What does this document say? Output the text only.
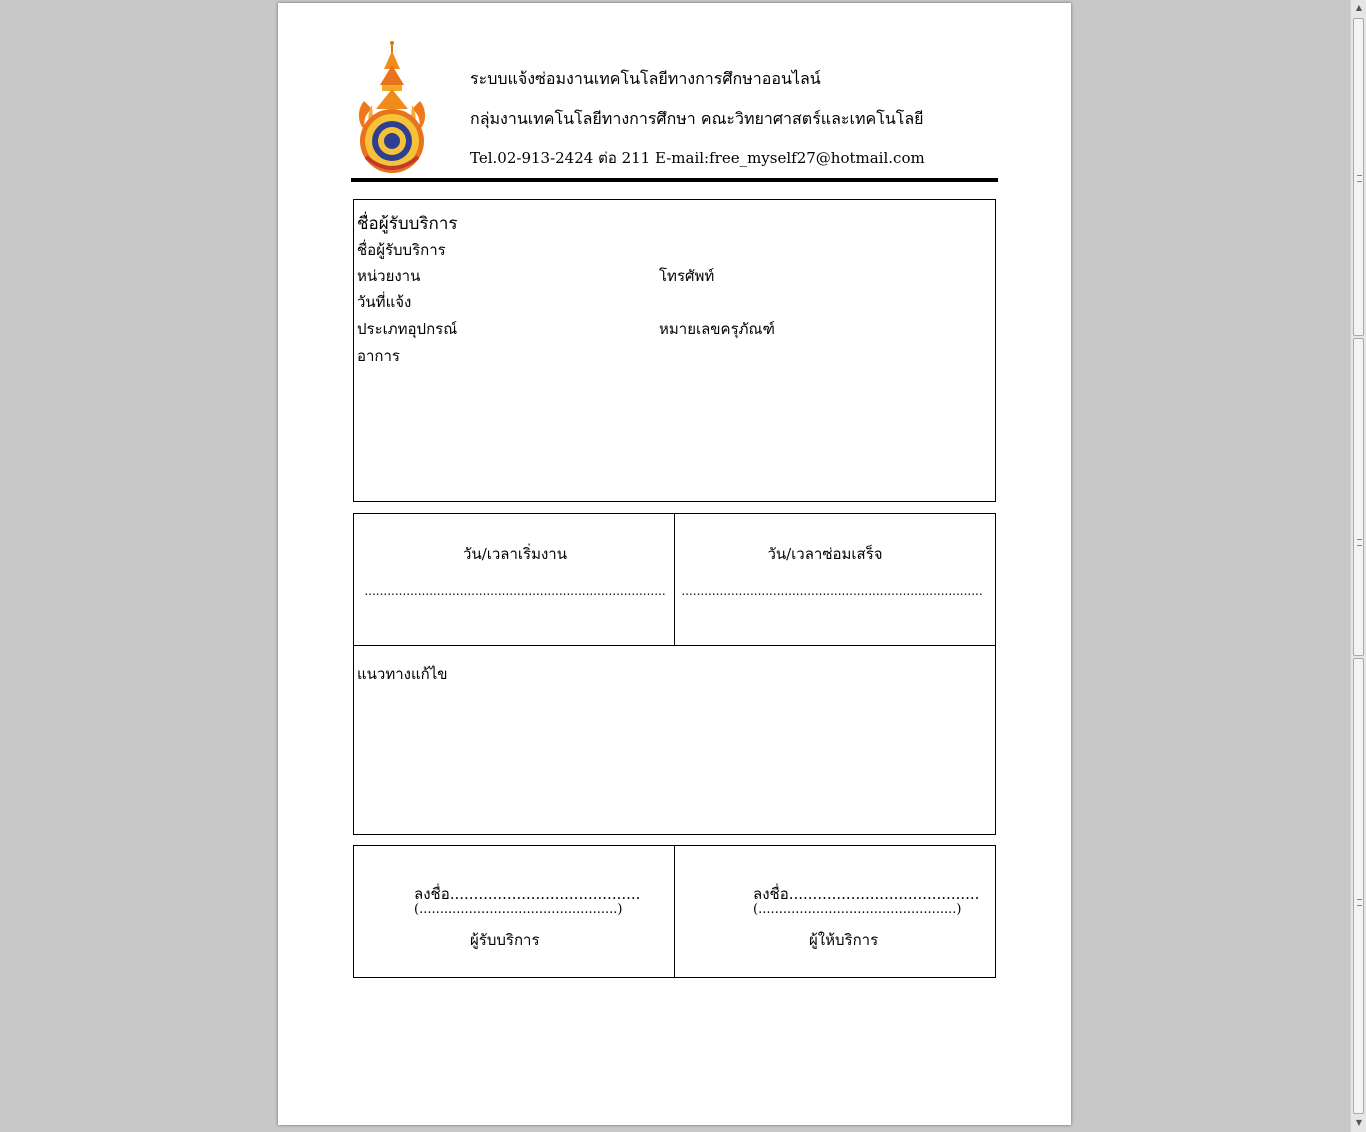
ระบบแจ้งซ่อมงานเทคโนโลยีทางการศึกษาออนไลน์
กลุ่มงานเทคโนโลยีทางการศึกษา คณะวิทยาศาสตร์และเทคโนโลยี
Tel.02-913-2424 ต่อ 211 E-mail:free_myself27@hotmail.com
ชื่อผู้รับบริการ
ชื่อผู้รับบริการ
หน่วยงาน	โทรศัพท์
วันที่แจ้ง
ประเภทอุปกรณ์	หมายเลขครุภัณฑ์
อาการ
วัน/เวลาเริ่มงาน
...............................................................................
วัน/เวลาซ่อมเสร็จ
...............................................................................
แนวทางแก้ไข
ลงชื่อ........................................
(................................................)
ผู้รับบริการ
ลงชื่อ........................................
(................................................)
ผู้ให้บริการ
▲
▼
